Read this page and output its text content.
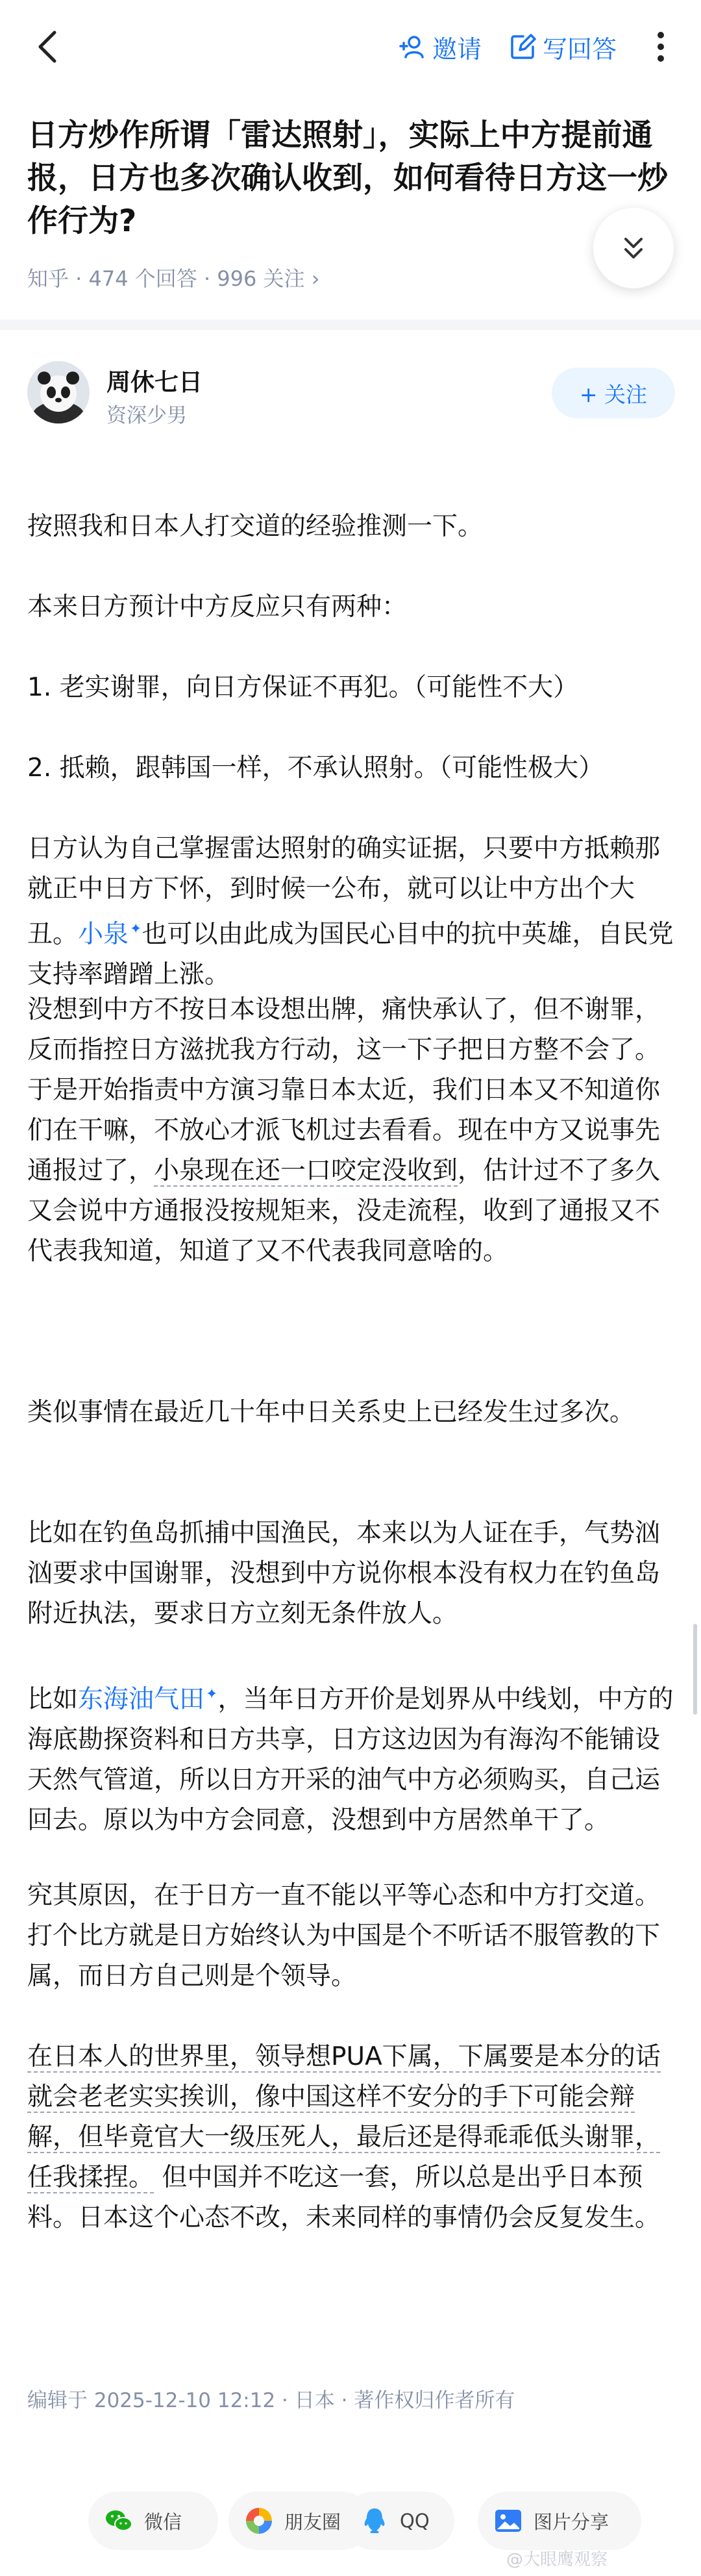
邀请 写回答
日方炒作所谓「雷达照射」，实际上中方提前通报，日方也多次确认收到，如何看待日方这一炒作行为?
知乎 · 474 个回答 · 996 关注 ›
周休七日
资深少男
+ 关注

按照我和日本人打交道的经验推测一下。

本来日方预计中方反应只有两种：

1. 老实谢罪，向日方保证不再犯。（可能性不大）

2. 抵赖，跟韩国一样，不承认照射。（可能性极大）

日方认为自己掌握雷达照射的确实证据，只要中方抵赖那就正中日方下怀，到时候一公布，就可以让中方出个大丑。小泉✦也可以由此成为国民心目中的抗中英雄，自民党支持率蹭蹭上涨。

没想到中方不按日本设想出牌，痛快承认了，但不谢罪，反而指控日方滋扰我方行动，这一下子把日方整不会了。于是开始指责中方演习靠日本太近，我们日本又不知道你们在干嘛，不放心才派飞机过去看看。现在中方又说事先通报过了，小泉现在还一口咬定没收到，估计过不了多久又会说中方通报没按规矩来，没走流程，收到了通报又不代表我知道，知道了又不代表我同意啥的。

类似事情在最近几十年中日关系史上已经发生过多次。

比如在钓鱼岛抓捕中国渔民，本来以为人证在手，气势汹汹要求中国谢罪，没想到中方说你根本没有权力在钓鱼岛附近执法，要求日方立刻无条件放人。

比如东海油气田✦，当年日方开价是划界从中线划，中方的海底勘探资料和日方共享，日方这边因为有海沟不能铺设天然气管道，所以日方开采的油气中方必须购买，自己运回去。原以为中方会同意，没想到中方居然单干了。

究其原因，在于日方一直不能以平等心态和中方打交道。打个比方就是日方始终认为中国是个不听话不服管教的下属，而日方自己则是个领导。

在日本人的世界里，领导想PUA下属，下属要是本分的话就会老老实实挨训，像中国这样不安分的手下可能会辩解，但毕竟官大一级压死人，最后还是得乖乖低头谢罪，任我揉捏。 但中国并不吃这一套，所以总是出乎日本预料。日本这个心态不改，未来同样的事情仍会反复发生。

编辑于 2025-12-10 12:12 · 日本 · 著作权归作者所有
微信	朋友圈	QQ	图片分享
@大眼鹰观察
